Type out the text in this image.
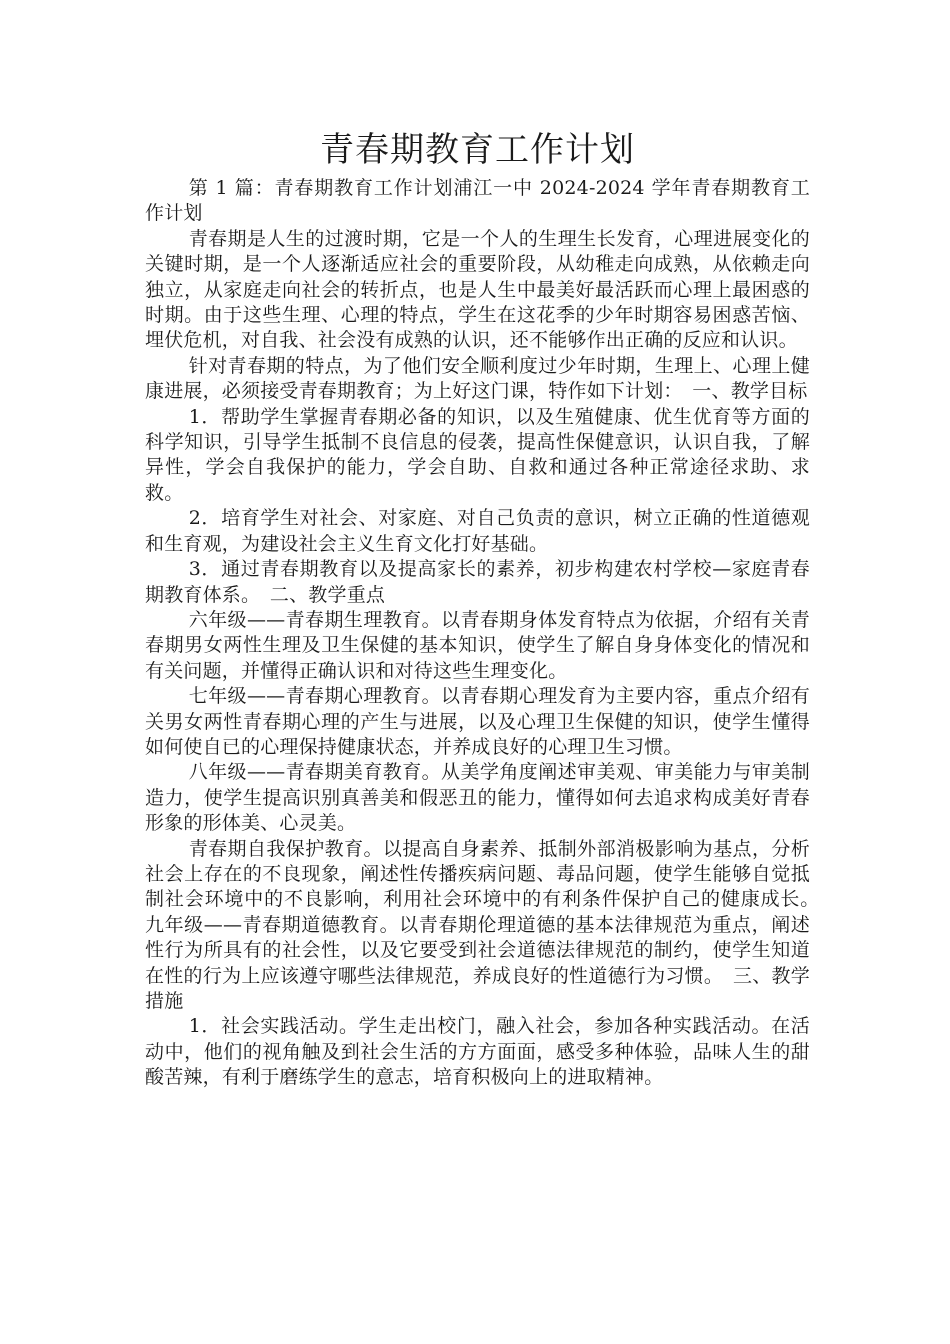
青春期教育工作计划

第 1 篇：青春期教育工作计划浦江一中 2024-2024 学年青春期教育工作计划

青春期是人生的过渡时期，它是一个人的生理生长发育，心理进展变化的关键时期，是一个人逐渐适应社会的重要阶段，从幼稚走向成熟，从依赖走向独立，从家庭走向社会的转折点，也是人生中最美好最活跃而心理上最困惑的时期。由于这些生理、心理的特点，学生在这花季的少年时期容易困惑苦恼、埋伏危机，对自我、社会没有成熟的认识，还不能够作出正确的反应和认识。

针对青春期的特点，为了他们安全顺利度过少年时期，生理上、心理上健康进展，必须接受青春期教育；为上好这门课，特作如下计划：　一、教学目标

1．帮助学生掌握青春期必备的知识，以及生殖健康、优生优育等方面的科学知识，引导学生抵制不良信息的侵袭，提高性保健意识，认识自我，了解异性，学会自我保护的能力，学会自助、自救和通过各种正常途径求助、求救。

2．培育学生对社会、对家庭、对自己负责的意识，树立正确的性道德观和生育观，为建设社会主义生育文化打好基础。

3．通过青春期教育以及提高家长的素养，初步构建农村学校—家庭青春期教育体系。　二、教学重点

六年级——青春期生理教育。以青春期身体发育特点为依据，介绍有关青春期男女两性生理及卫生保健的基本知识，使学生了解自身身体变化的情况和有关问题，并懂得正确认识和对待这些生理变化。

七年级——青春期心理教育。以青春期心理发育为主要内容，重点介绍有关男女两性青春期心理的产生与进展，以及心理卫生保健的知识，使学生懂得如何使自已的心理保持健康状态，并养成良好的心理卫生习惯。

八年级——青春期美育教育。从美学角度阐述审美观、审美能力与审美制造力，使学生提高识别真善美和假恶丑的能力，懂得如何去追求构成美好青春形象的形体美、心灵美。

青春期自我保护教育。以提高自身素养、抵制外部消极影响为基点，分析社会上存在的不良现象，阐述性传播疾病问题、毒品问题，使学生能够自觉抵制社会环境中的不良影响，利用社会环境中的有利条件保护自己的健康成长。　九年级——青春期道德教育。以青春期伦理道德的基本法律规范为重点，阐述性行为所具有的社会性，以及它要受到社会道德法律规范的制约，使学生知道在性的行为上应该遵守哪些法律规范，养成良好的性道德行为习惯。　三、教学措施

1．社会实践活动。学生走出校门，融入社会，参加各种实践活动。在活动中，他们的视角触及到社会生活的方方面面，感受多种体验，品味人生的甜酸苦辣，有利于磨练学生的意志，培育积极向上的进取精神。
